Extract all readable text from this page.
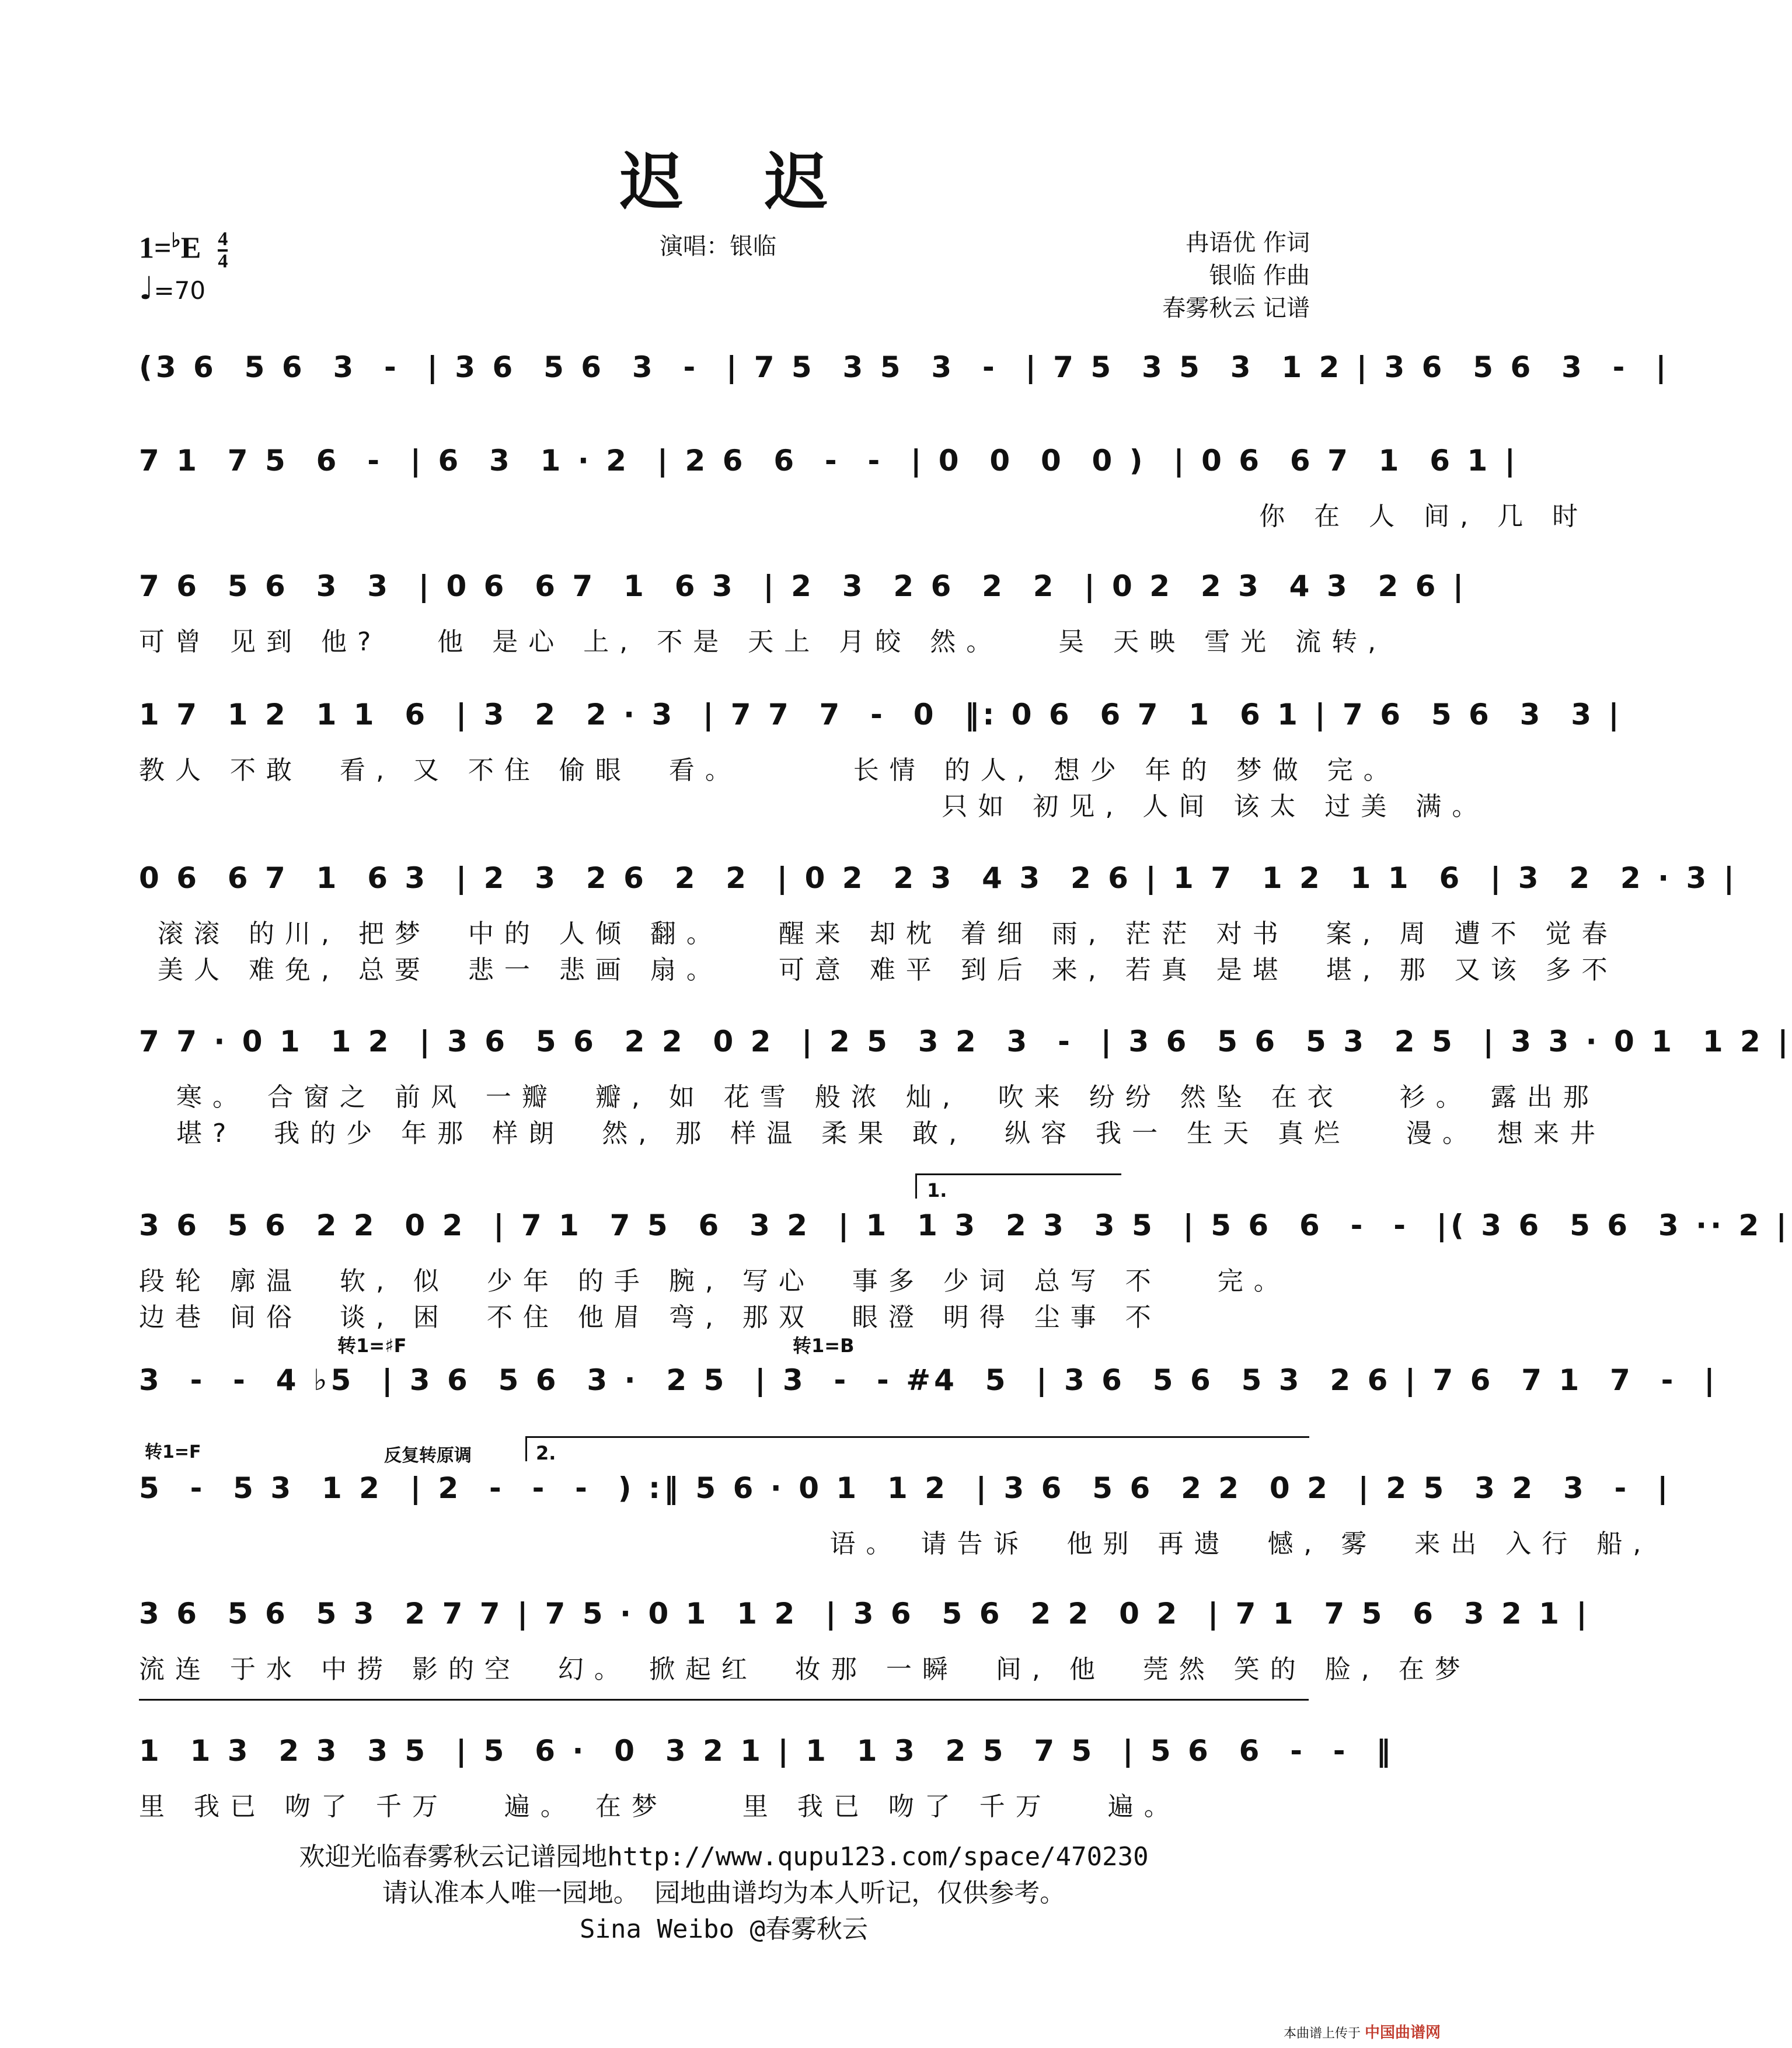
迟迟
$1=^♭E \frac{4}{4}$
♩=70
演唱：银临	冉语优 作词
银临 作曲
春雾秋云 记谱
(3 6  5 6  3  -  | 3 6  5 6  3  -  | 7 5  3 5  3  -  | 7 5  3 5  3  1 2 | 3 6  5 6  3  -  |
7 1  7 5  6  -  | 6  3  1 · 2  | 2 6  6  -  -  | 0  0  0  0 )  | 0 6  6 7  1  6 1 |
你 在 人 间, 几 时
7 6  5 6  3  3  | 0 6  6 7  1  6 3  | 2  3  2 6  2  2  | 0 2  2 3  4 3  2 6 |
可曾 见到 他?   他 是心 上, 不是 天上 月皎 然。   吴 天映 雪光 流转,
1 7  1 2  1 1  6  | 3  2  2 · 3  | 7 7  7  -  0  ‖: 0 6  6 7  1  6 1 | 7 6  5 6  3  3 |
教人 不敢  看, 又 不住 偷眼  看。      长情 的人, 想少 年的 梦做 完。
只如 初见, 人间 该太 过美 满。
0 6  6 7  1  6 3  | 2  3  2 6  2  2  | 0 2  2 3  4 3  2 6 | 1 7  1 2  1 1  6  | 3  2  2 · 3 |
滚滚 的川, 把梦  中的 人倾 翻。   醒来 却枕 着细 雨, 茫茫 对书  案, 周 遭不 觉春
美人 难免, 总要  悲一 悲画 扇。   可意 难平 到后 来, 若真 是堪  堪, 那 又该 多不
7 7 · 0 1  1 2  | 3 6  5 6  2 2  0 2  | 2 5  3 2  3  -  | 3 6  5 6  5 3  2 5  | 3 3 · 0 1  1 2 |
寒。 合窗之 前风 一瓣  瓣, 如 花雪 般浓 灿,  吹来 纷纷 然坠 在衣   衫。 露出那
堪?  我的少 年那 样朗  然, 那 样温 柔果 敢,  纵容 我一 生天 真烂   漫。 想来井
1.
3 6  5 6  2 2  0 2  | 7 1  7 5  6  3 2  | 1  1 3  2 3  3 5  | 5 6  6  -  -  |( 3 6  5 6  3 ·· 2 |
段轮 廓温  软, 似  少年 的手 腕, 写心  事多 少词 总写 不   完。
边巷 间俗  谈, 困  不住 他眉 弯, 那双  眼澄 明得 尘事 不
转1=♯F	转1=B
3  -  -  4 ♭5  | 3 6  5 6  3 ·  2 5  | 3  -  - #4  5  | 3 6  5 6  5 3  2 6 | 7 6  7 1  7  -  |
转1=F	反复转原调	2.
5  -  5 3  1 2  | 2  -  -  -  ) :‖ 5 6 · 0 1  1 2  | 3 6  5 6  2 2  0 2  | 2 5  3 2  3  -  |
语。 请告诉  他别 再遗  憾, 雾  来出 入行 船,
3 6  5 6  5 3  2 7 7 | 7 5 · 0 1  1 2  | 3 6  5 6  2 2  0 2  | 7 1  7 5  6  3 2 1 |
流连 于水 中捞 影的空  幻。 掀起红  妆那 一瞬  间, 他  莞然 笑的 脸, 在梦
1  1 3  2 3  3 5  | 5  6 ·  0  3 2 1 | 1  1 3  2 5  7 5  | 5 6  6  -  -  ‖
里 我已 吻了 千万   遍。 在梦    里 我已 吻了 千万   遍。
欢迎光临春雾秋云记谱园地http://www.qupu123.com/space/470230
请认准本人唯一园地。 园地曲谱均为本人听记，仅供参考。
Sina Weibo @春雾秋云
本曲谱上传于 中国曲谱网
